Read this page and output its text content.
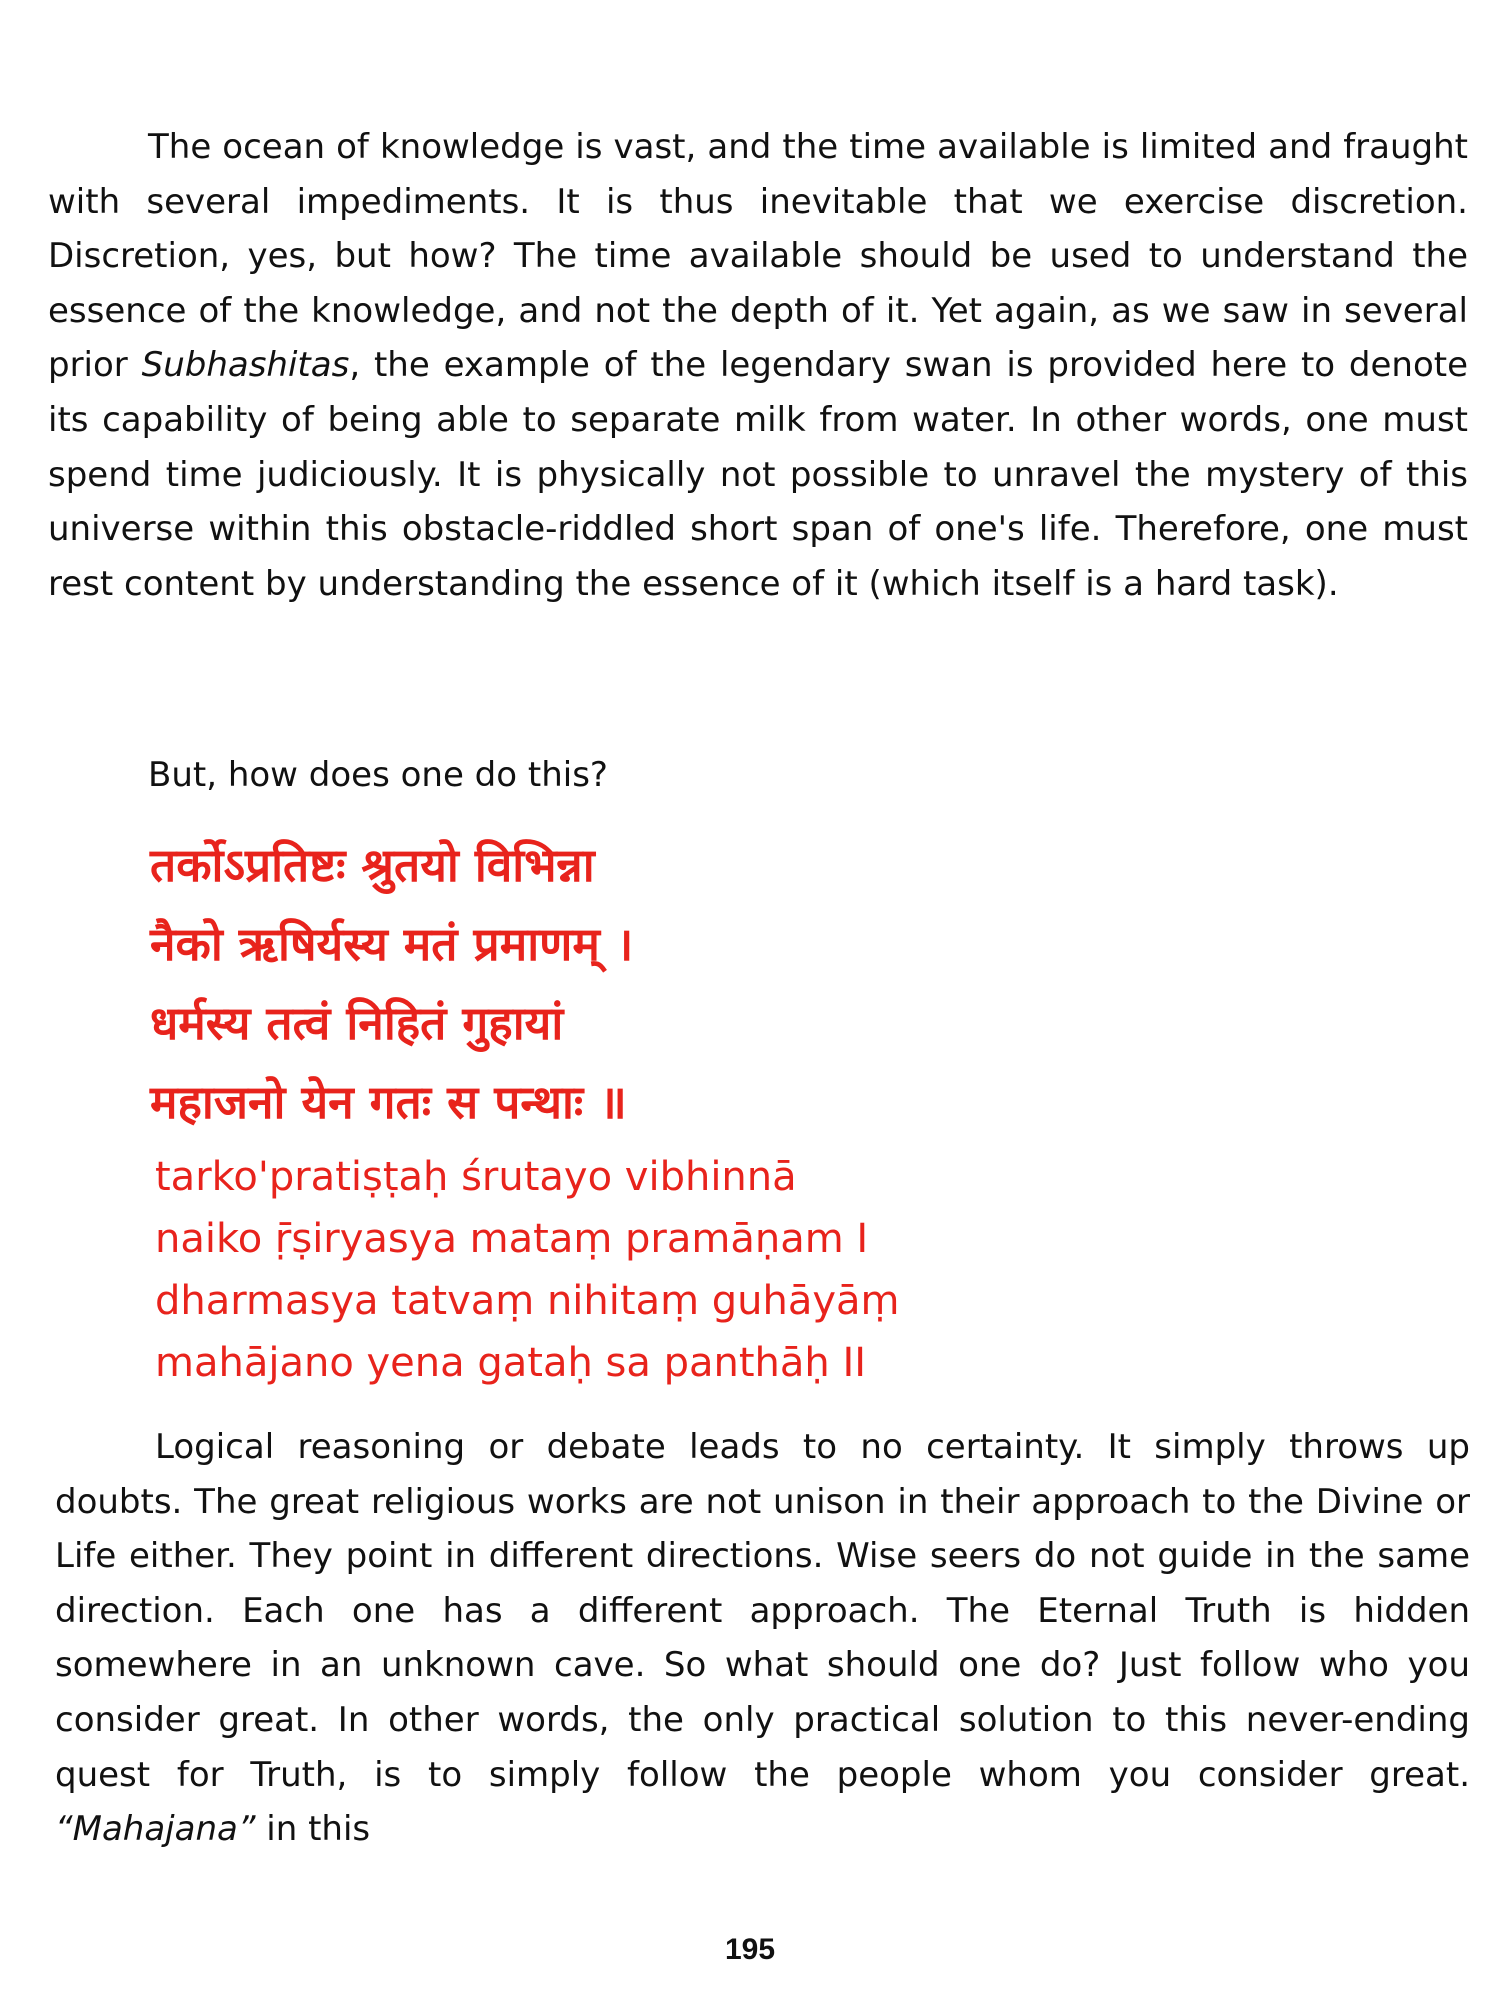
The ocean of knowledge is vast, and the time available is limited and fraught with several impediments. It is thus inevitable that we exercise discretion. Discretion, yes, but how? The time available should be used to understand the essence of the knowledge, and not the depth of it. Yet again, as we saw in several prior Subhashitas, the example of the legendary swan is provided here to denote its capability of being able to separate milk from water. In other words, one must spend time judiciously. It is physically not possible to unravel the mystery of this universe within this obstacle-riddled short span of one's life. Therefore, one must rest content by understanding the essence of it (which itself is a hard task).

But, how does one do this?

तर्कोऽप्रतिष्टः श्रुतयो विभिन्ना
नैको ऋषिर्यस्य मतं प्रमाणम् ।
धर्मस्य तत्वं निहितं गुहायां
महाजनो येन गतः स पन्थाः ॥
tarko'pratiṣṭaḥ śrutayo vibhinnā
naiko ṝṣiryasya mataṃ pramāṇam I
dharmasya tatvaṃ nihitaṃ guhāyāṃ
mahājano yena gataḥ sa panthāḥ II

Logical reasoning or debate leads to no certainty. It simply throws up doubts. The great religious works are not unison in their approach to the Divine or Life either. They point in different directions. Wise seers do not guide in the same direction. Each one has a different approach. The Eternal Truth is hidden somewhere in an unknown cave. So what should one do? Just follow who you consider great. In other words, the only practical solution to this never-ending quest for Truth, is to simply follow the people whom you consider great. “Mahajana” in this

195
